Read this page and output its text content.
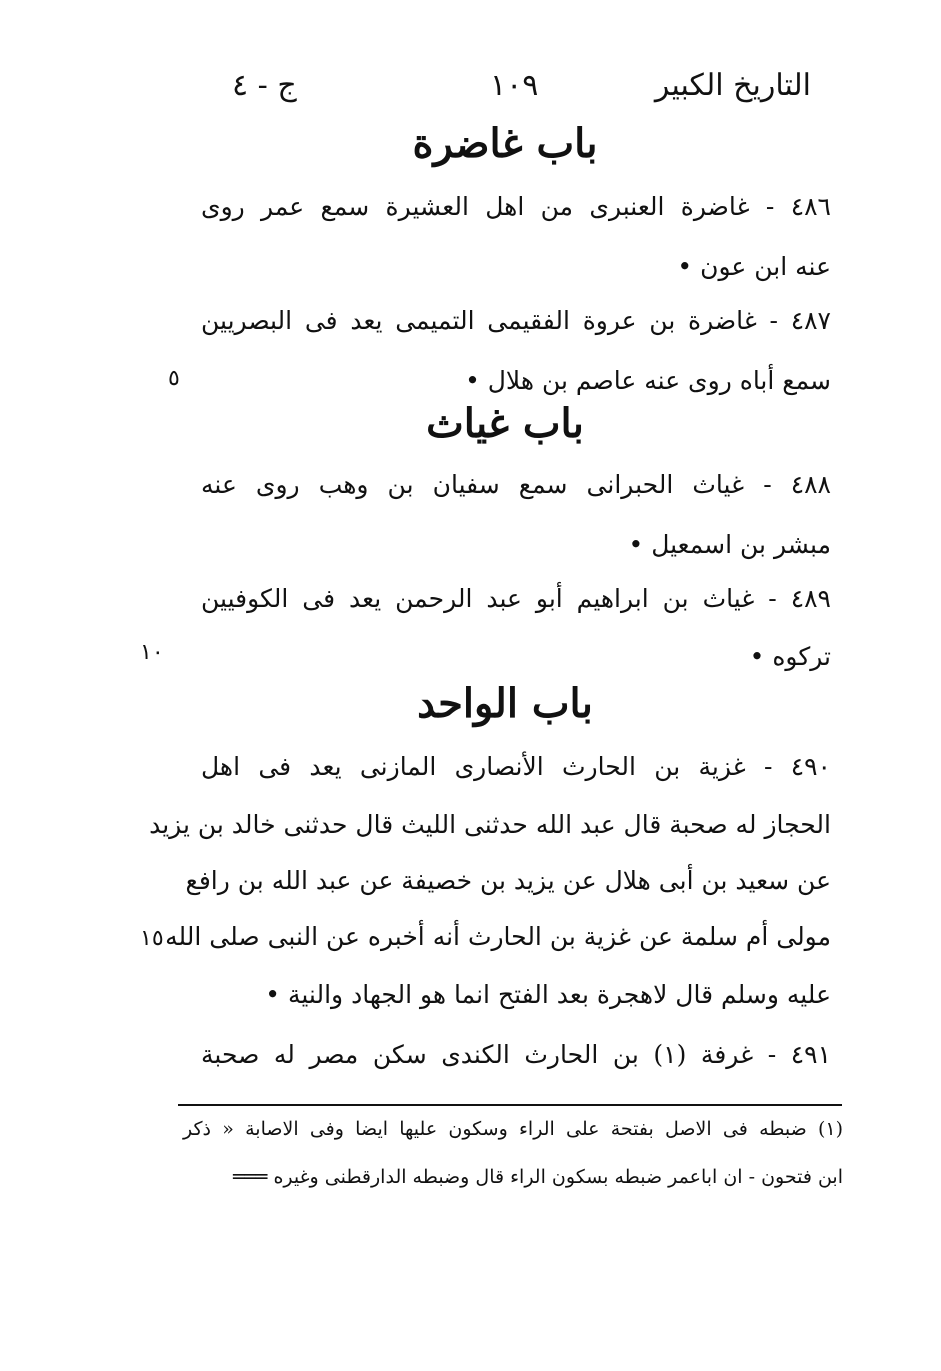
التاريخ الكبير
١٠٩
ج - ٤
باب غاضرة
٤٨٦ - غاضرة العنبرى من اهل العشيرة سمع عمر روى
عنه ابن عون •
٤٨٧ - غاضرة بن عروة الفقيمى التميمى يعد فى البصريين
سمع أباه روى عنه عاصم بن هلال •
٥
باب غياث
٤٨٨ - غياث الحبرانى سمع سفيان بن وهب روى عنه
مبشر بن اسمعيل •
٤٨٩ - غياث بن ابراهيم أبو عبد الرحمن يعد فى الكوفيين
تركوه •
١٠
باب الواحد
٤٩٠ - غزية بن الحارث الأنصارى المازنى يعد فى اهل
الحجاز له صحبة قال عبد الله حدثنى الليث قال حدثنى خالد بن يزيد
عن سعيد بن أبى هلال عن يزيد بن خصيفة عن عبد الله بن رافع
مولى أم سلمة عن غزية بن الحارث أنه أخبره عن النبى صلى الله
١٥
عليه وسلم قال لاهجرة بعد الفتح انما هو الجهاد والنية •
٤٩١ - غرفة (١) بن الحارث الكندى سكن مصر له صحبة
(١) ضبطه فى الاصل بفتحة على الراء وسكون عليها ايضا وفى الاصابة « ذكر
ابن فتحون - ان اباعمر ضبطه بسكون الراء قال وضبطه الدارقطنى وغيره ═══
